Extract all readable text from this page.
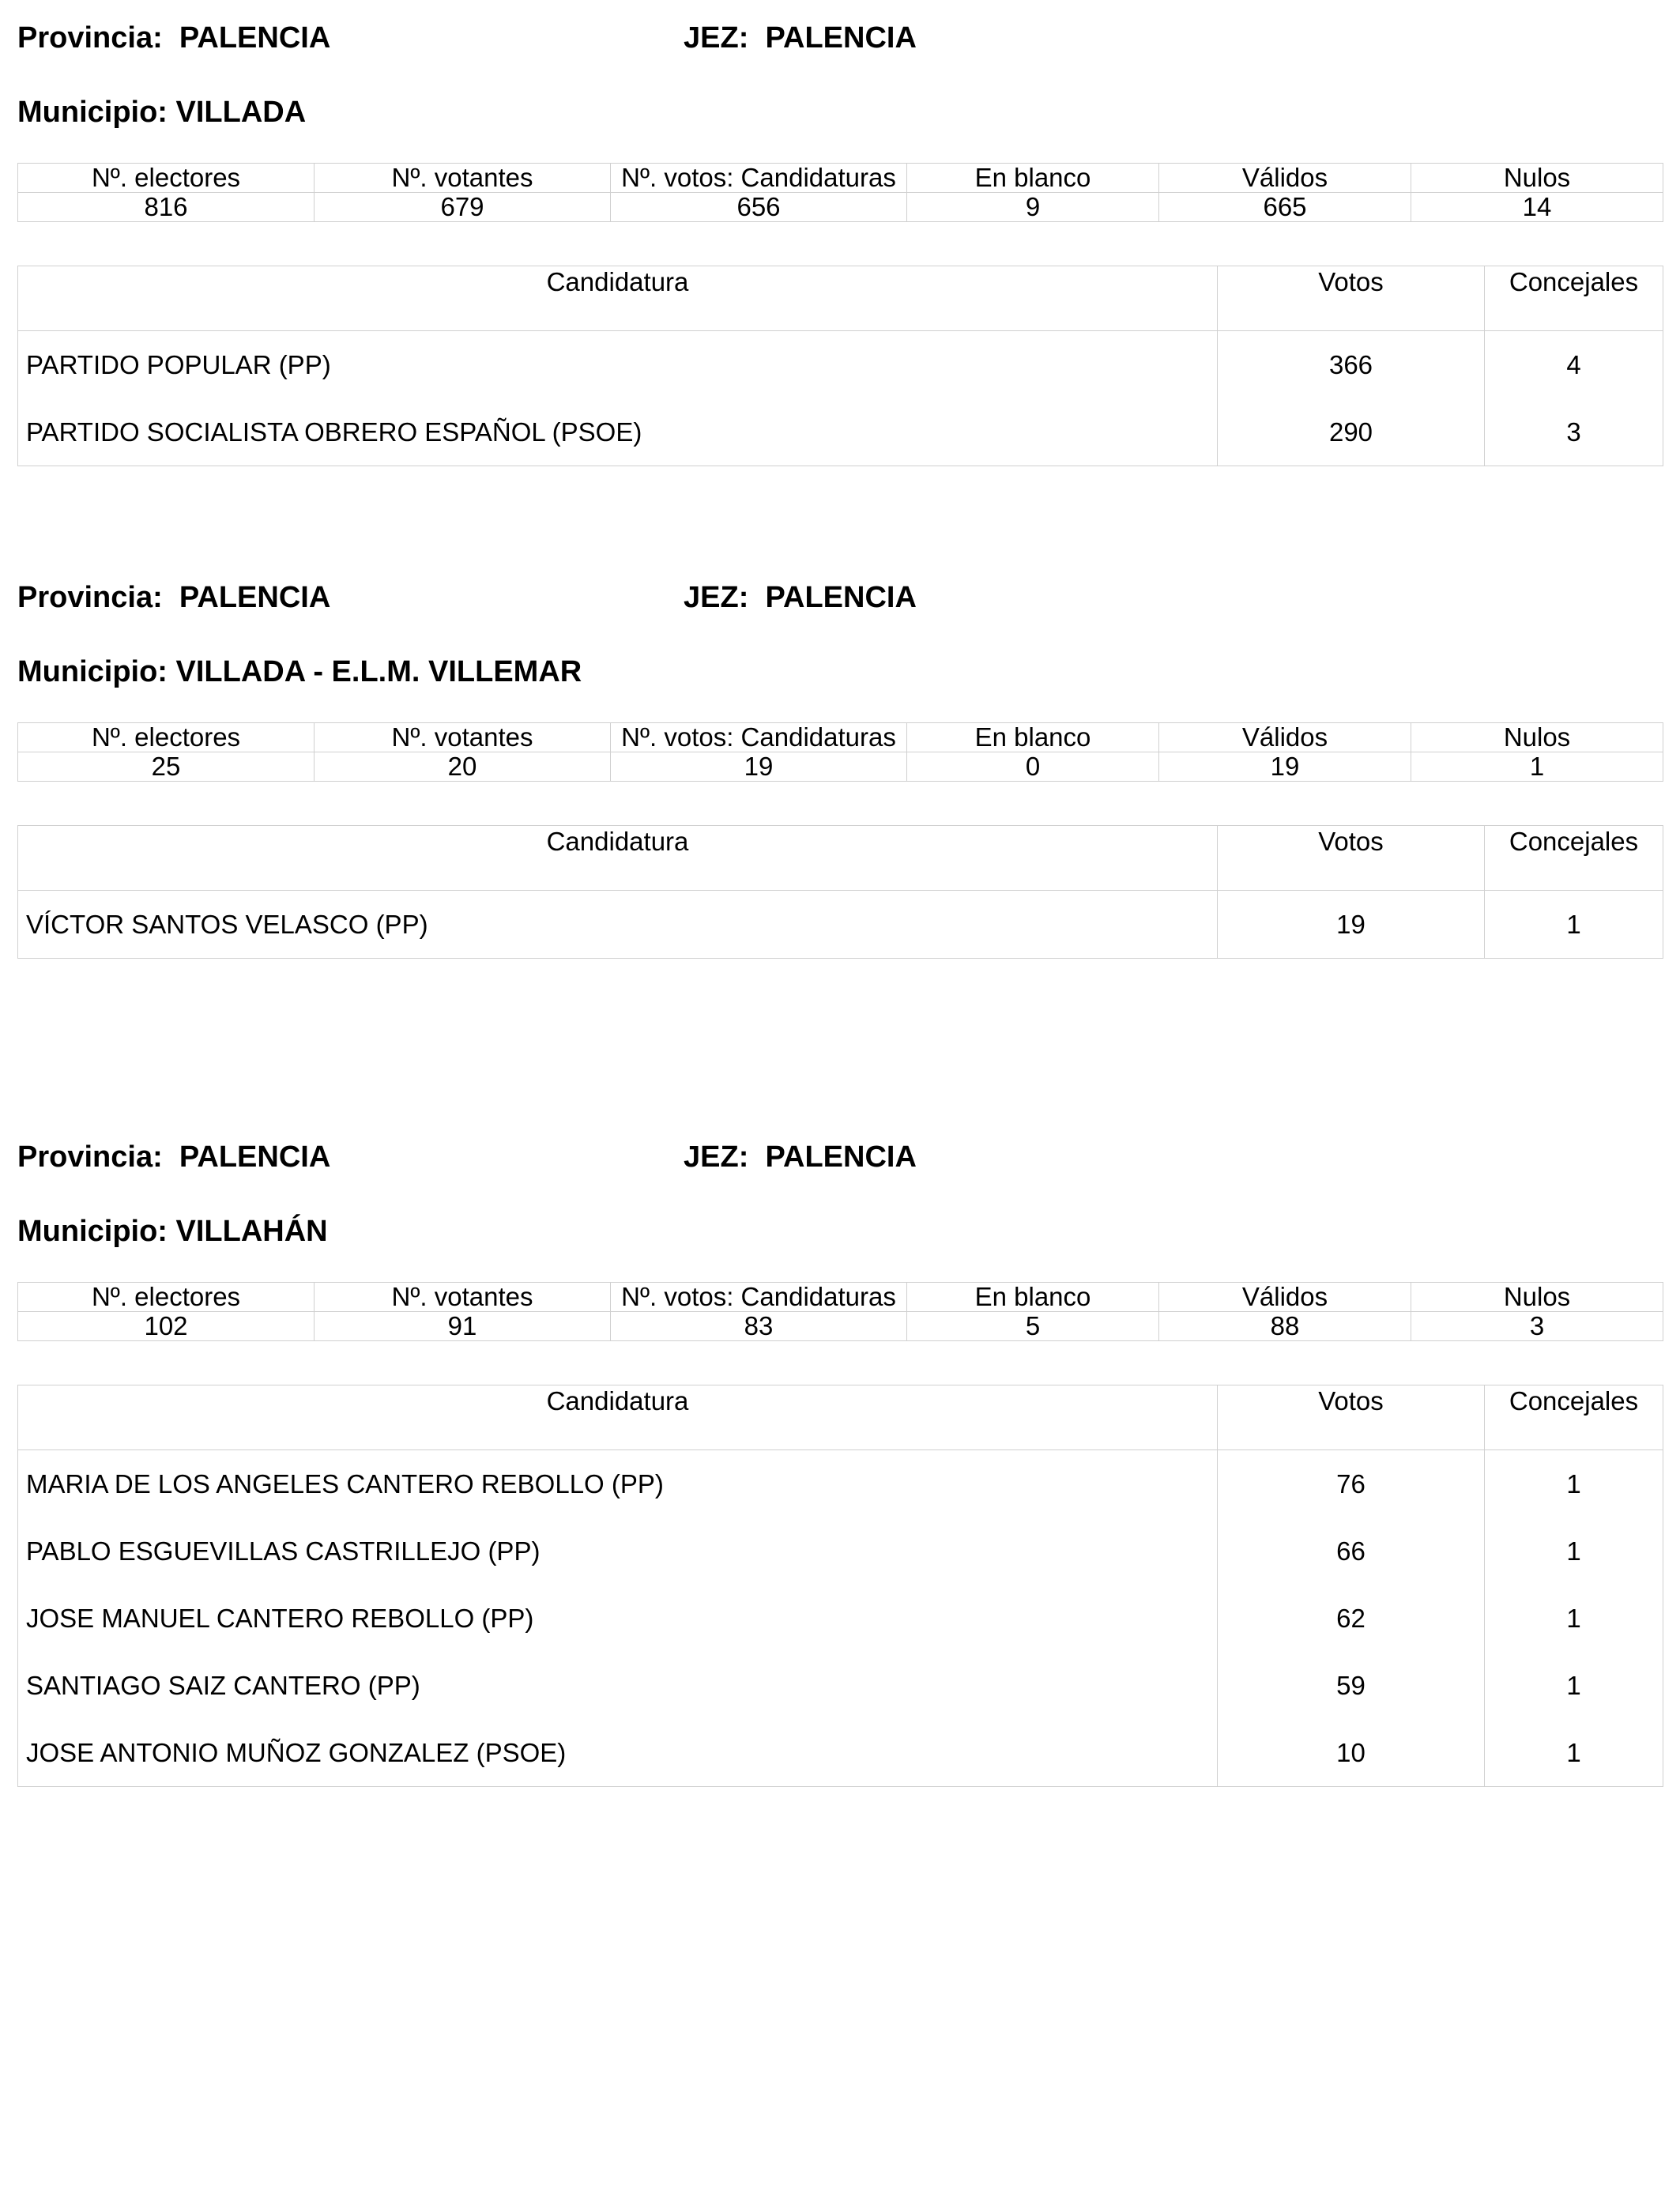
Provincia: PALENCIA	JEZ: PALENCIA
Municipio: VILLADA
Nº. electores	Nº. votantes	Nº. votos: Candidaturas	En blanco	Válidos	Nulos
816	679	656	9	665	14
Candidatura	Votos	Concejales
PARTIDO POPULAR (PP)	366	4
PARTIDO SOCIALISTA OBRERO ESPAÑOL (PSOE)	290	3
Provincia: PALENCIA	JEZ: PALENCIA
Municipio: VILLADA - E.L.M. VILLEMAR
Nº. electores	Nº. votantes	Nº. votos: Candidaturas	En blanco	Válidos	Nulos
25	20	19	0	19	1
Candidatura	Votos	Concejales
VÍCTOR SANTOS VELASCO (PP)	19	1
Provincia: PALENCIA	JEZ: PALENCIA
Municipio: VILLAHÁN
Nº. electores	Nº. votantes	Nº. votos: Candidaturas	En blanco	Válidos	Nulos
102	91	83	5	88	3
Candidatura	Votos	Concejales
MARIA DE LOS ANGELES CANTERO REBOLLO (PP)	76	1
PABLO ESGUEVILLAS CASTRILLEJO (PP)	66	1
JOSE MANUEL CANTERO REBOLLO (PP)	62	1
SANTIAGO SAIZ CANTERO (PP)	59	1
JOSE ANTONIO MUÑOZ GONZALEZ (PSOE)	10	1
